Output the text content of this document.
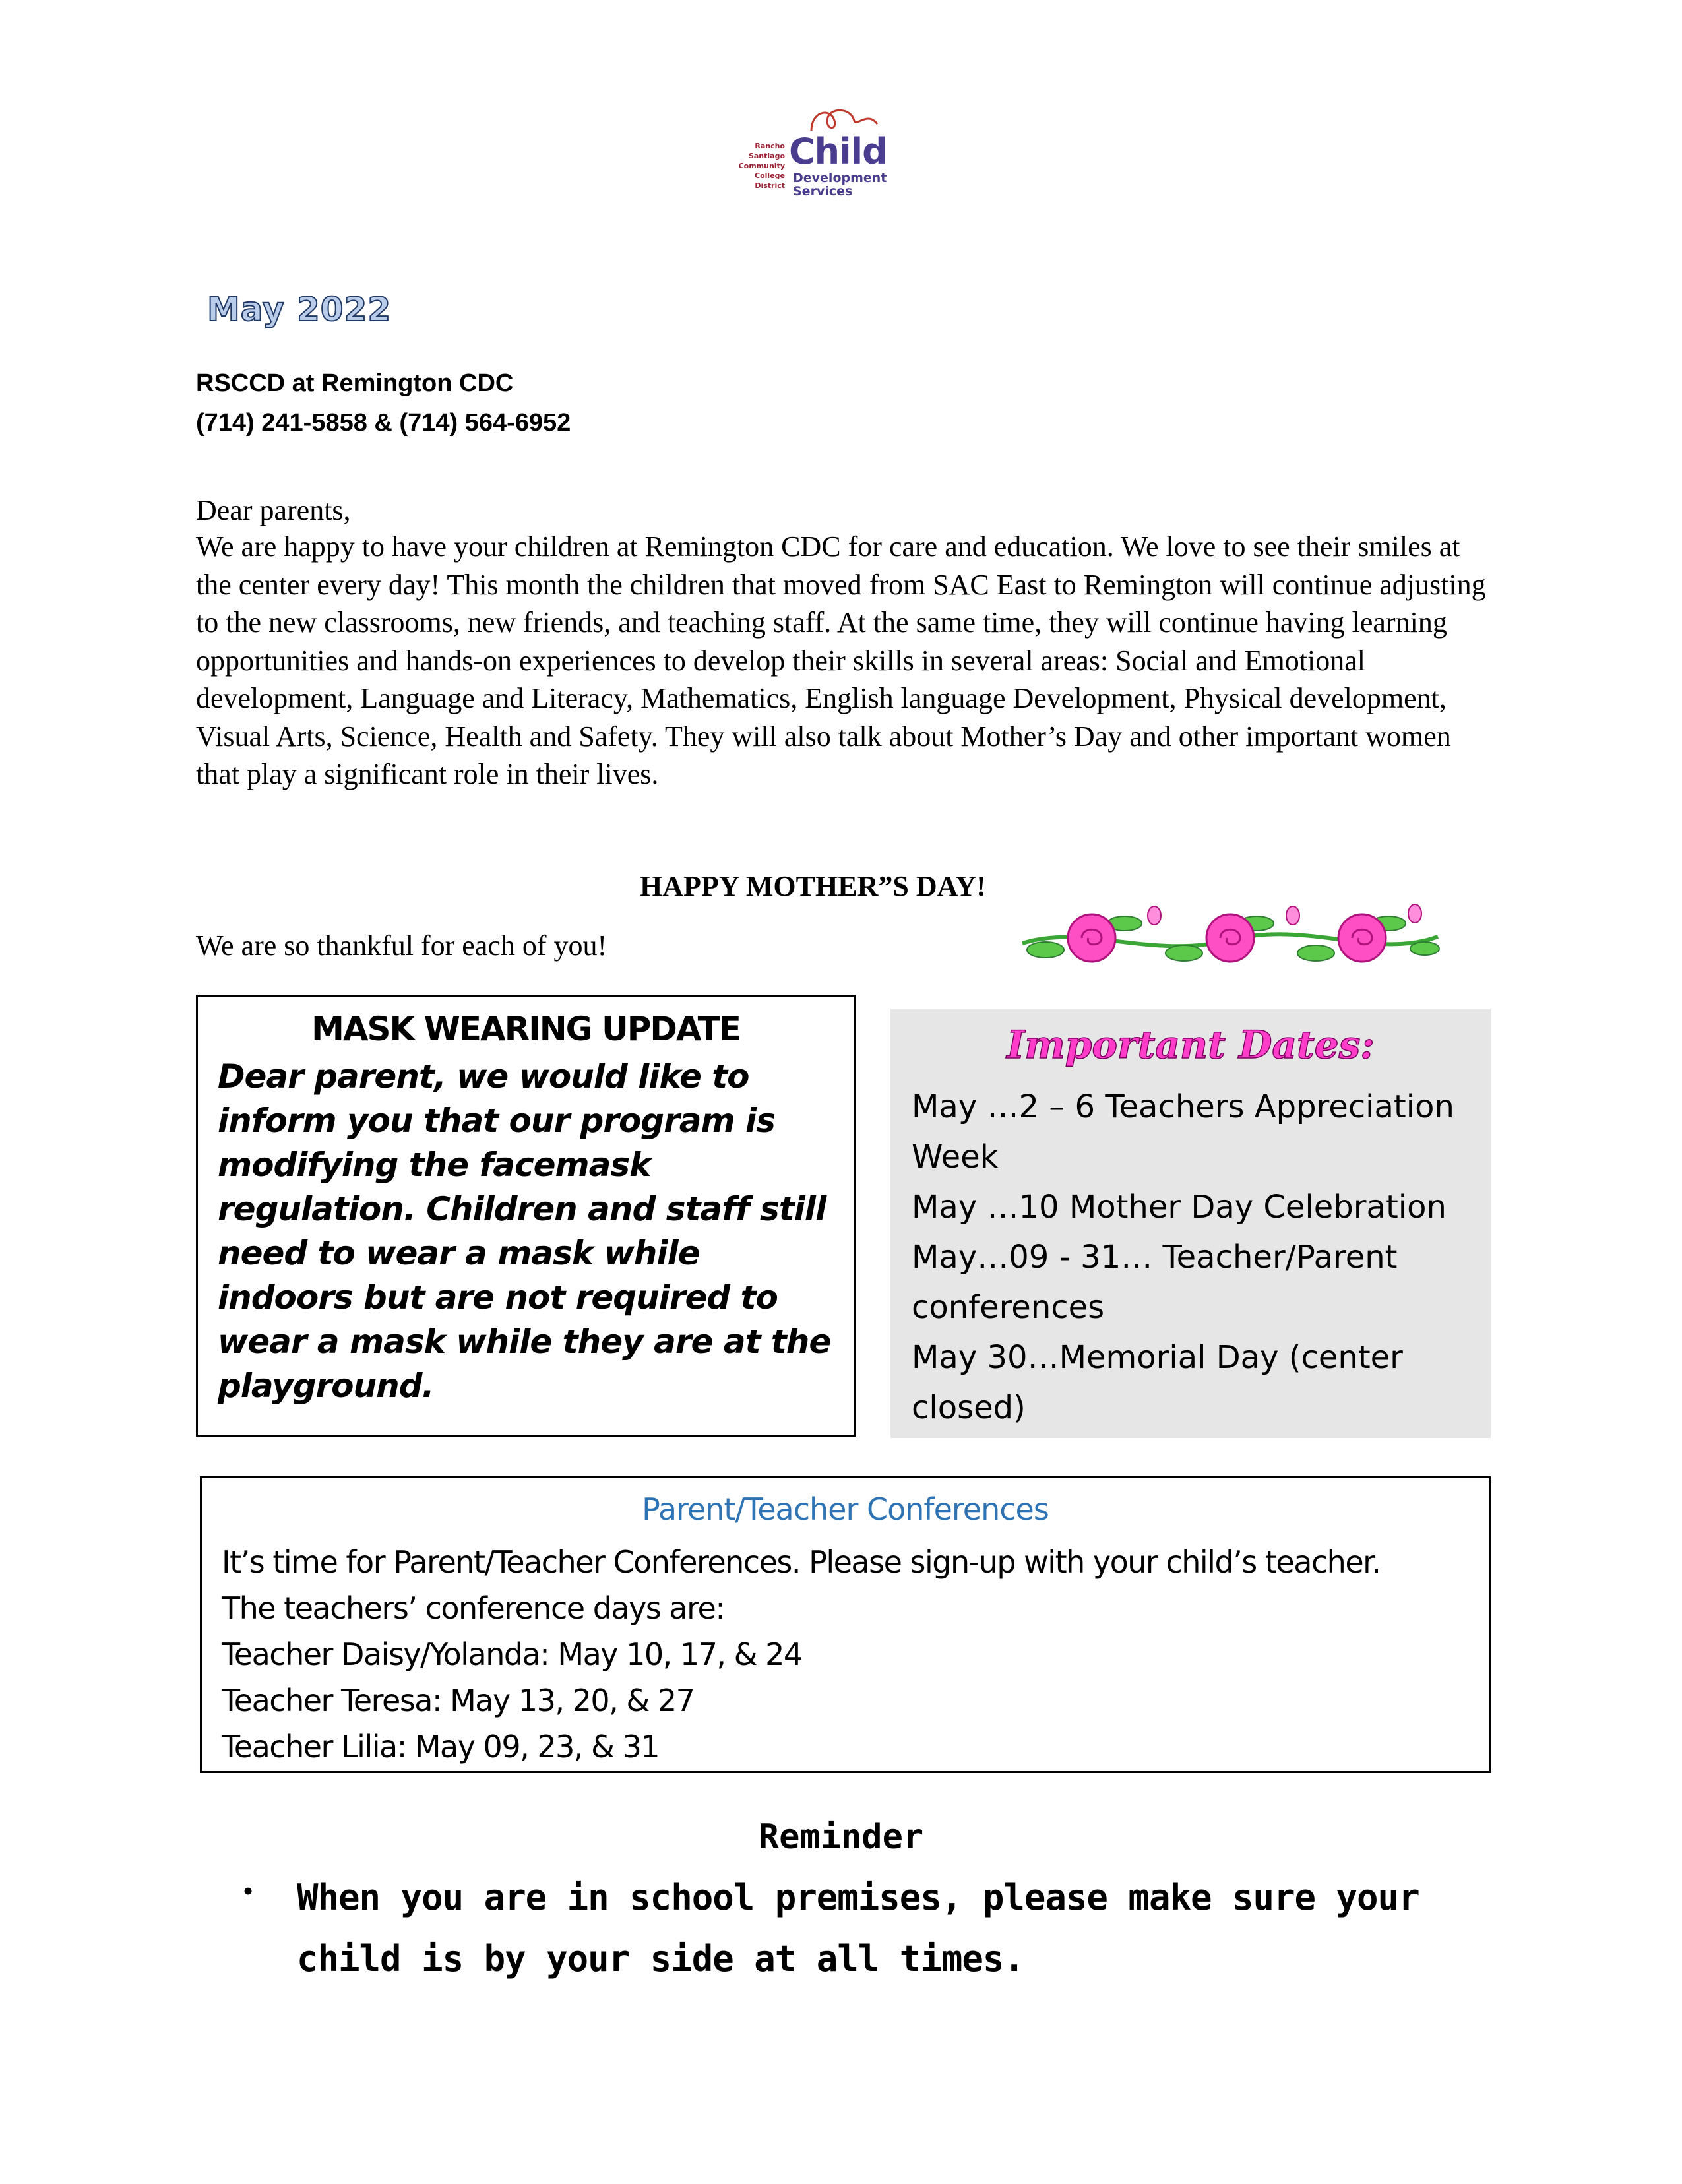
Rancho
Santiago
Community
College
District
Child
Development
Services
May 2022
RSCCD at Remington CDC
(714) 241-5858 & (714) 564-6952
Dear parents,
We are happy to have your children at Remington CDC for care and education. We love to see their smiles at the center every day! This month the children that moved from SAC East to Remington will continue adjusting to the new classrooms, new friends, and teaching staff. At the same time, they will continue having learning opportunities and hands-on experiences to develop their skills in several areas: Social and Emotional development, Language and Literacy, Mathematics, English language Development, Physical development, Visual Arts, Science, Health and Safety. They will also talk about Mother’s Day and other important women that play a significant role in their lives.
HAPPY MOTHER”S DAY!
We are so thankful for each of you!
MASK WEARING UPDATE
Dear parent, we would like to inform you that our program is modifying the facemask regulation. Children and staff still need to wear a mask while indoors but are not required to wear a mask while they are at the playground.
Important Dates:
May …2 – 6 Teachers Appreciation Week
May …10 Mother Day Celebration
May…09 - 31… Teacher/Parent conferences
May 30…Memorial Day (center closed)
Parent/Teacher Conferences
It’s time for Parent/Teacher Conferences. Please sign-up with your child’s teacher.
The teachers’ conference days are:
Teacher Daisy/Yolanda: May 10, 17, & 24
Teacher Teresa: May 13, 20, & 27
Teacher Lilia: May 09, 23, & 31
Reminder
• When you are in school premises, please make sure your child is by your side at all times.
